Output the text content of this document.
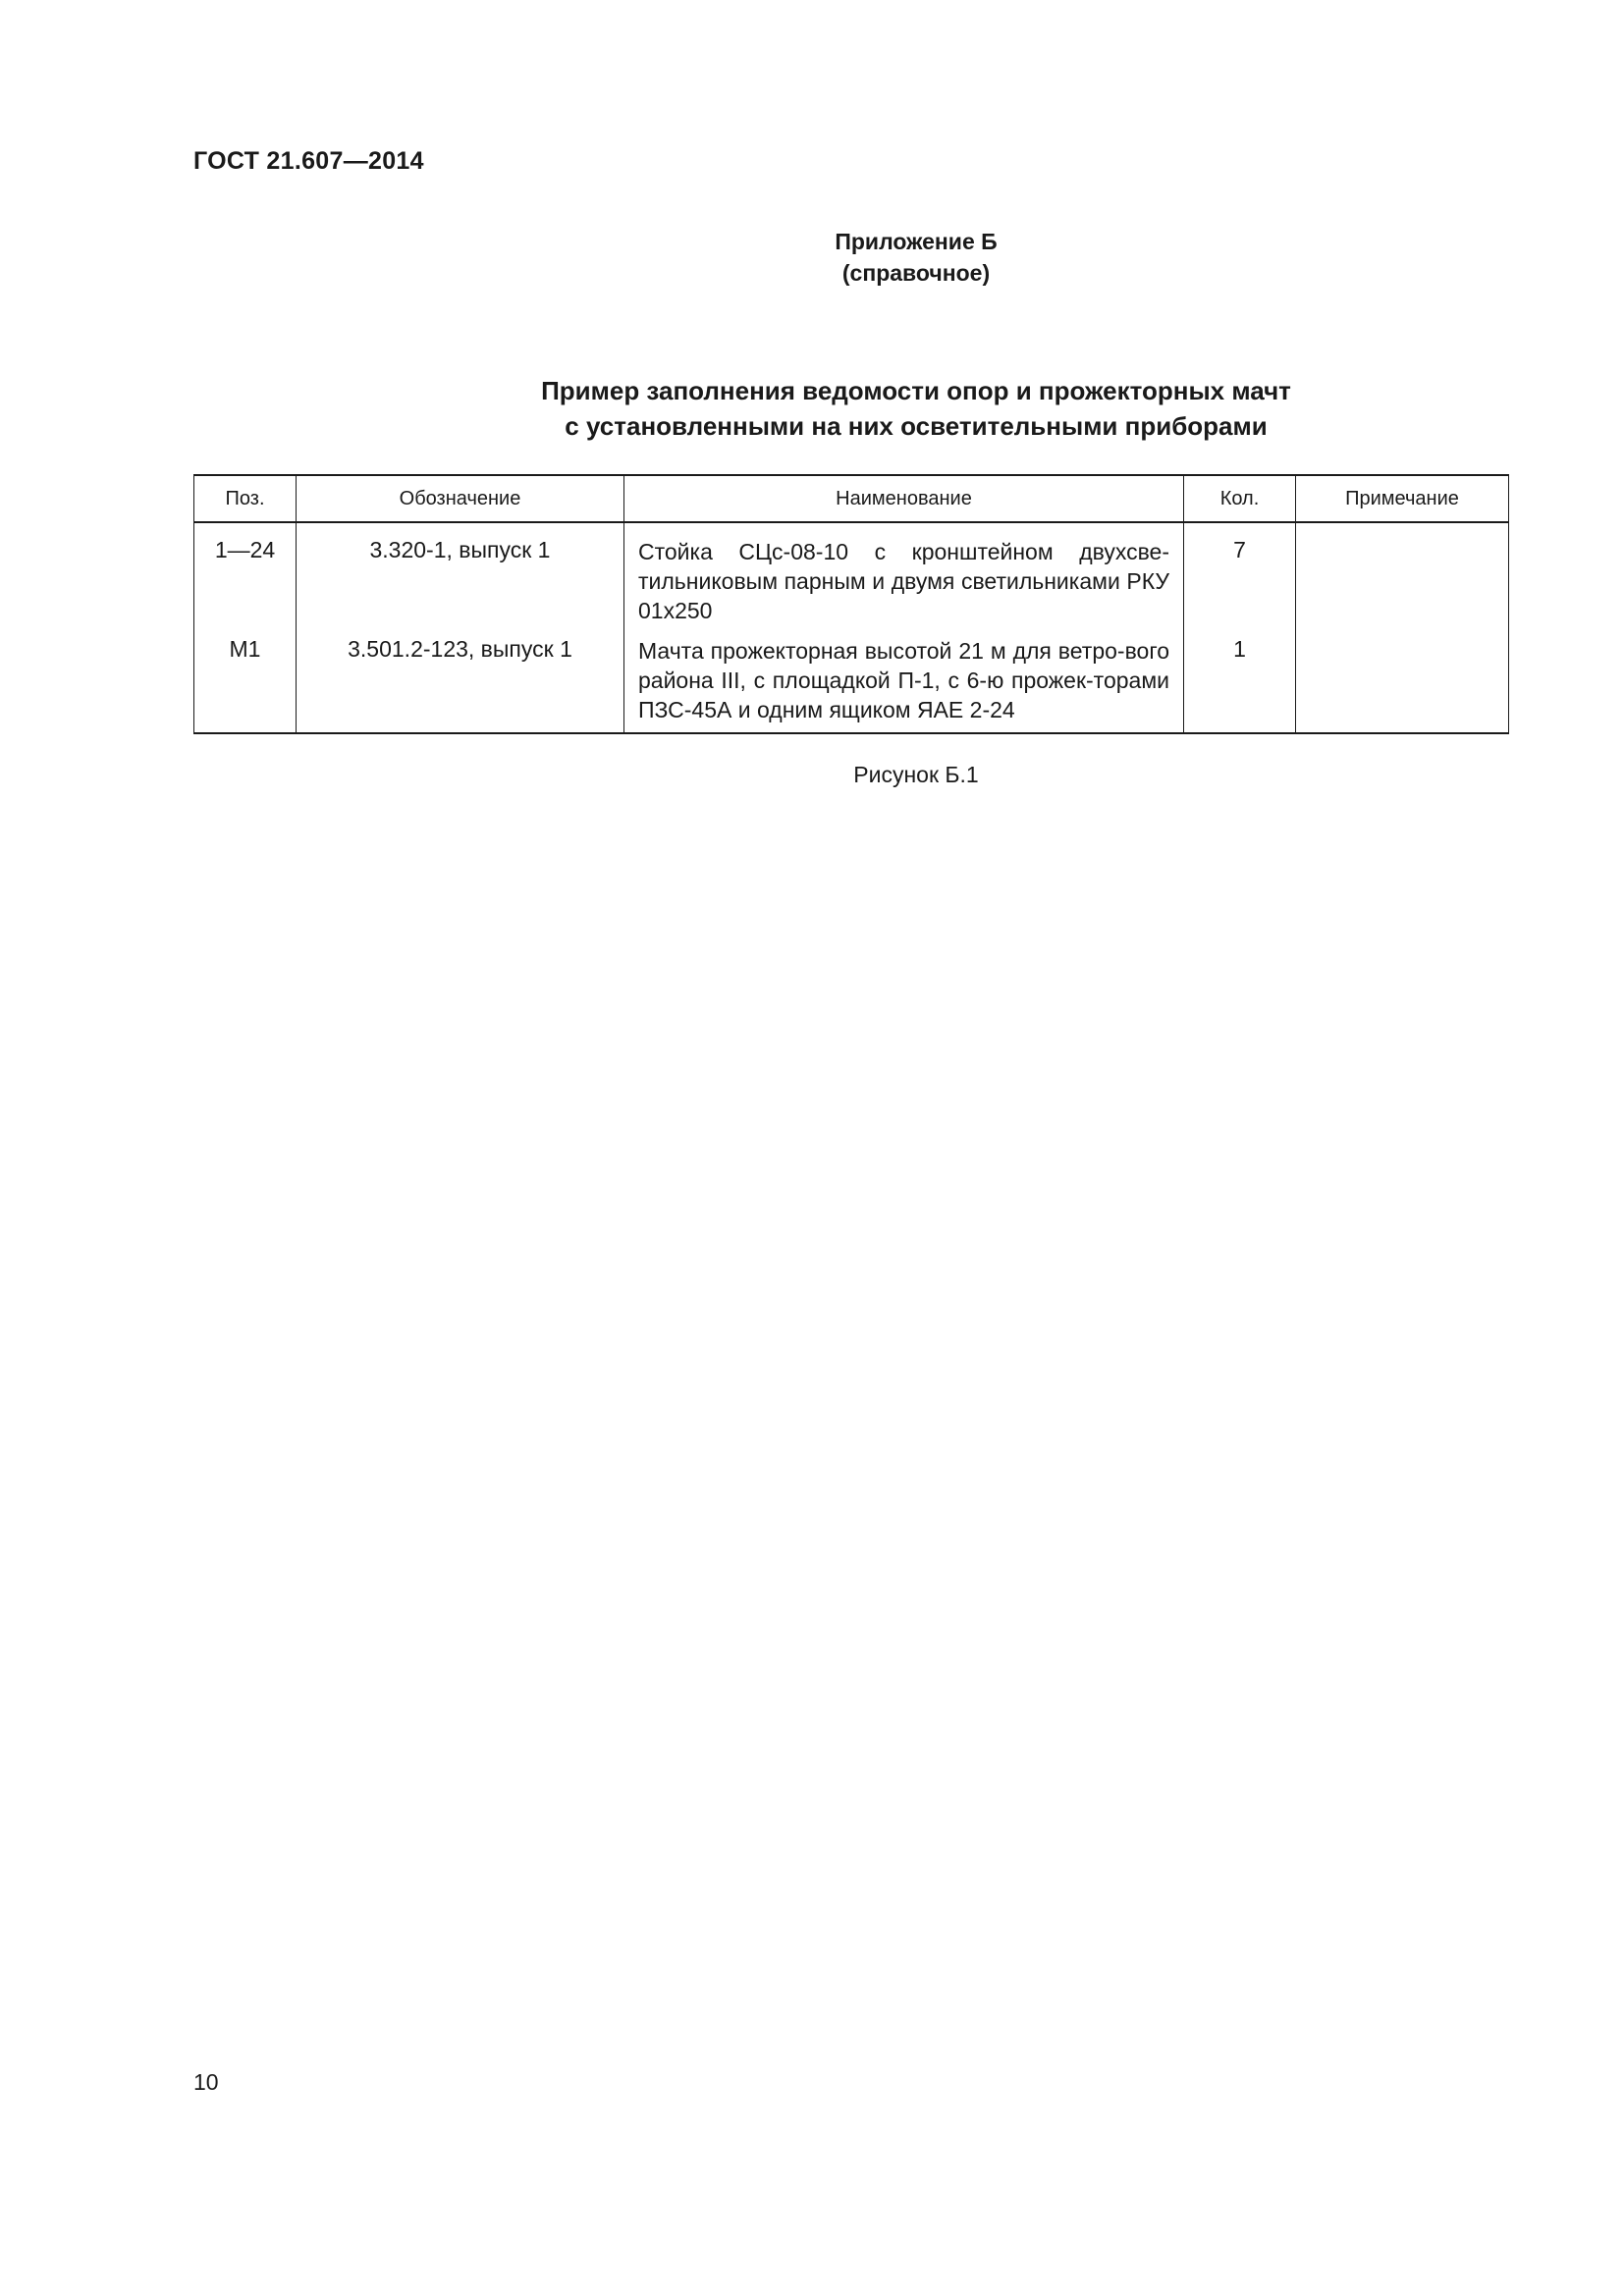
ГОСТ 21.607—2014
Приложение Б
(справочное)
Пример заполнения ведомости опор и прожекторных мачт
с установленными на них осветительными приборами
Поз.	Обозначение	Наименование	Кол.	Примечание
1—24	3.320-1, выпуск 1	Стойка СЦс-08-10 с кронштейном двухсве-тильниковым парным и двумя светильниками РКУ 01х250	7	
М1	3.501.2-123, выпуск 1	Мачта прожекторная высотой 21 м для ветро-вого района III, с площадкой П-1, с 6-ю прожек-торами ПЗС-45А и одним ящиком ЯАЕ 2-24	1	
Рисунок Б.1
10
